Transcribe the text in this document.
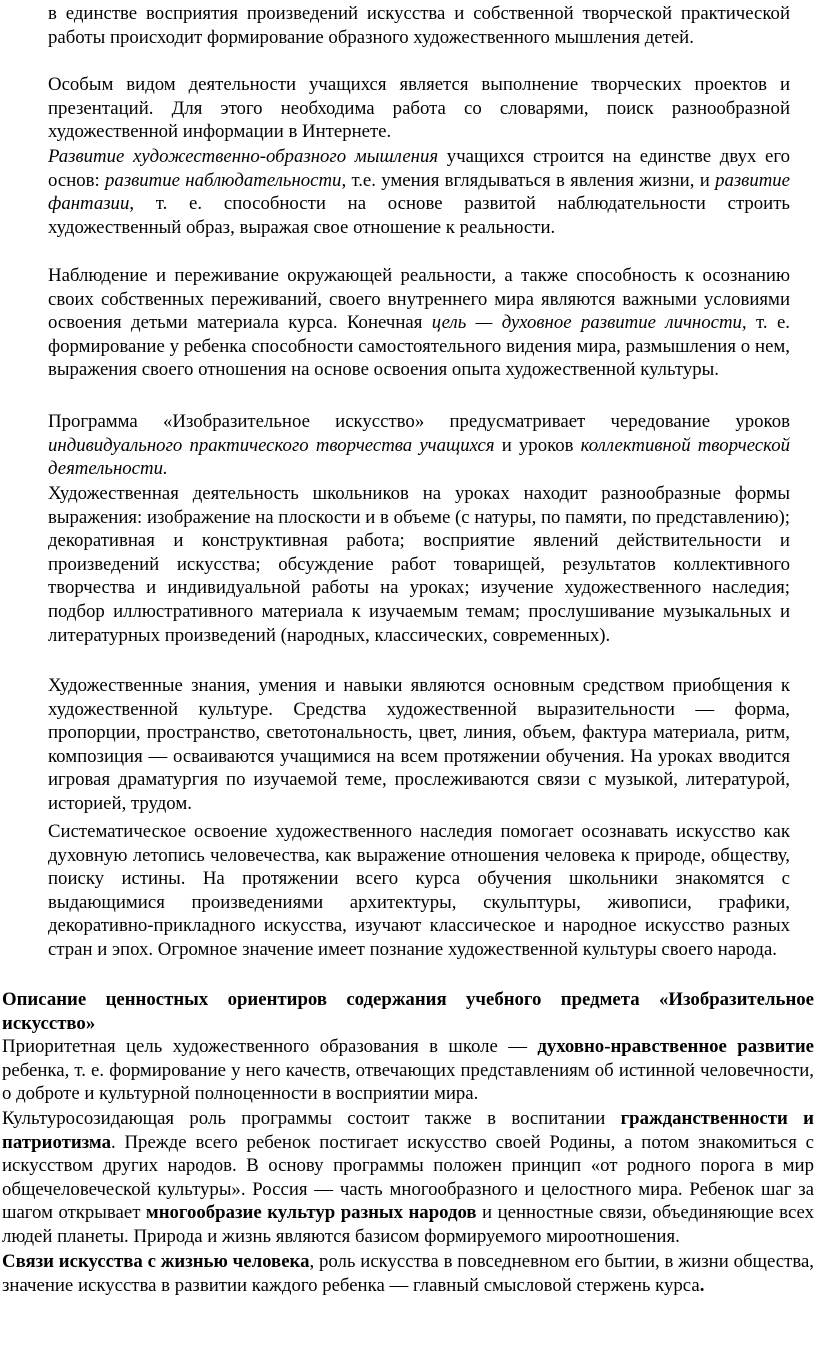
в единстве восприятия произведений искусства и собственной творческой практической работы происходит формирование образного художественного мышления детей.

Особым видом деятельности учащихся является выполнение творческих проектов и презентаций. Для этого необходима работа со словарями, поиск разнообразной художественной информации в Интернете.

Развитие художественно-образного мышления учащихся строится на единстве двух его основ: развитие наблюдательности, т.е. умения вглядываться в явления жизни, и развитие фантазии, т. е. способности на основе развитой наблюдательности строить художественный образ, выражая свое отношение к реальности.

Наблюдение и переживание окружающей реальности, а также способность к осознанию своих собственных переживаний, своего внутреннего мира являются важными условиями освоения детьми материала курса. Конечная цель — духовное развитие личности, т. е. формирование у ребенка способности самостоятельного видения мира, размышления о нем, выражения своего отношения на основе освоения опыта художественной культуры.

Программа «Изобразительное искусство» предусматривает чередование уроков индивидуального практического творчества учащихся и уроков коллективной творческой деятельности.

Художественная деятельность школьников на уроках находит разнообразные формы выражения: изображение на плоскости и в объеме (с натуры, по памяти, по представлению); декоративная и конструктивная работа; восприятие явлений действительности и произведений искусства; обсуждение работ товарищей, результатов коллективного творчества и индивидуальной работы на уроках; изучение художественного наследия; подбор иллюстративного материала к изучаемым темам; прослушивание музыкальных и литературных произведений (народных, классических, современных).

Художественные знания, умения и навыки являются основным средством приобщения к художественной культуре. Средства художественной выразительности — форма, пропорции, пространство, светотональность, цвет, линия, объем, фактура материала, ритм, композиция — осваиваются учащимися на всем протяжении обучения. На уроках вводится игровая драматургия по изучаемой теме, прослеживаются связи с музыкой, литературой, историей, трудом.

Систематическое освоение художественного наследия помогает осознавать искусство как духовную летопись человечества, как выражение отношения человека к природе, обществу, поиску истины. На протяжении всего курса обучения школьники знакомятся с выдающимися произведениями архитектуры, скульптуры, живописи, графики, декоративно-прикладного искусства, изучают классическое и народное искусство разных стран и эпох. Огромное значение имеет познание художественной культуры своего народа.

Описание ценностных ориентиров содержания учебного предмета «Изобразительное искусство»

Приоритетная цель художественного образования в школе — духовно-нравственное развитие ребенка, т. е. формирование у него качеств, отвечающих представлениям об истинной человечности, о доброте и культурной полноценности в восприятии мира.

Культуросозидающая роль программы состоит также в воспитании гражданственности и патриотизма. Прежде всего ребенок постигает искусство своей Родины, а потом знакомиться с искусством других народов. В основу программы положен принцип «от родного порога в мир общечеловеческой культуры». Россия — часть многообразного и целостного мира. Ребенок шаг за шагом открывает многообразие культур разных народов и ценностные связи, объединяющие всех людей планеты. Природа и жизнь являются базисом формируемого мироотношения.

Связи искусства с жизнью человека, роль искусства в повседневном его бытии, в жизни общества, значение искусства в развитии каждого ребенка — главный смысловой стержень курса.
